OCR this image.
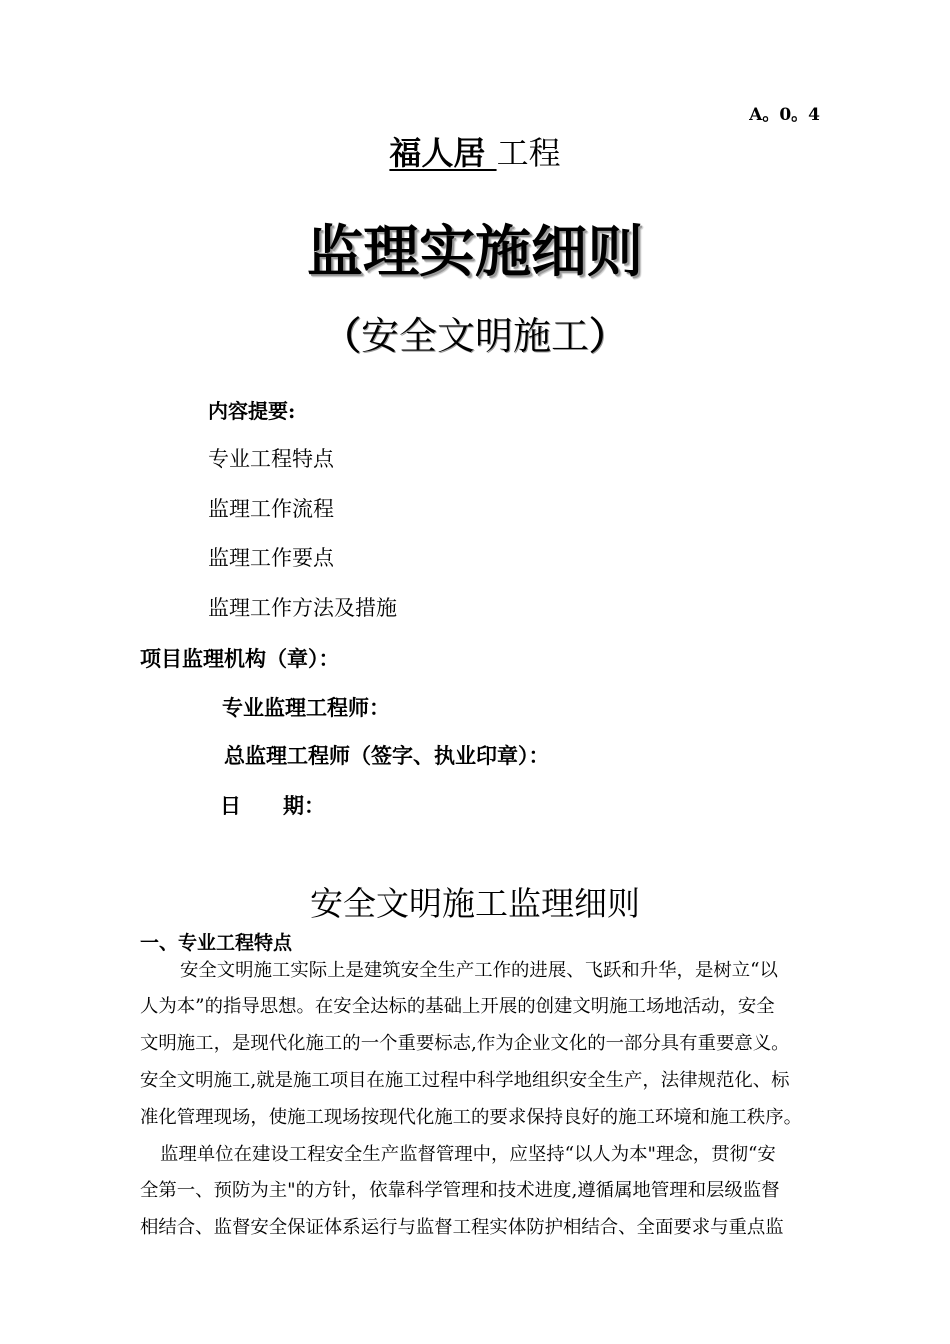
A。0。4
福人居 工程
监理实施细则
（安全文明施工）
内容提要:
专业工程特点
监理工作流程
监理工作要点
监理工作方法及措施
项目监理机构（章）：
专业监理工程师：
总监理工程师（签字、执业印章）：
日 期：
安全文明施工监理细则
一、专业工程特点
安全文明施工实际上是建筑安全生产工作的进展、飞跃和升华，是树立“以
人为本”的指导思想。在安全达标的基础上开展的创建文明施工场地活动，安全
文明施工，是现代化施工的一个重要标志,作为企业文化的一部分具有重要意义。
安全文明施工,就是施工项目在施工过程中科学地组织安全生产，法律规范化、标
准化管理现场，使施工现场按现代化施工的要求保持良好的施工环境和施工秩序。
监理单位在建设工程安全生产监督管理中，应坚持“以人为本"理念，贯彻“安
全第一、预防为主"的方针，依靠科学管理和技术进度,遵循属地管理和层级监督
相结合、监督安全保证体系运行与监督工程实体防护相结合、全面要求与重点监
